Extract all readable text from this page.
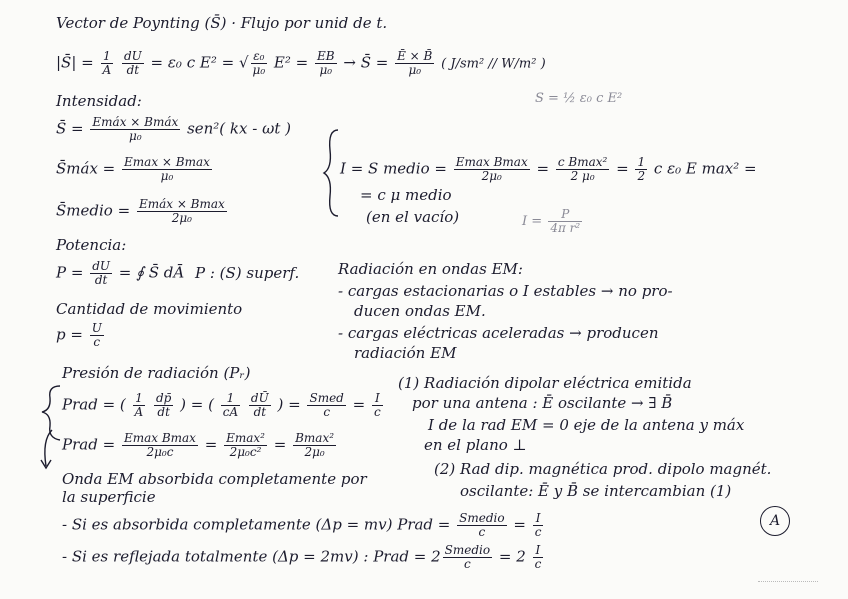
Vector de Poynting (S̄) · Flujo por unid de t.
|S̄| = $\frac{1}{A}$
$\frac{dU}{dt} = \varepsilon_0$ c E² = √ $\frac{\text{ε₀}}{\text{μ₀}} E^2 = \frac{EB}{\text{μ₀}}$ → S̄ = $\frac{Ē \times B̄}{\text{μ₀}}$ ( J/sm² // W/m² )
S = ½ ε₀ c E²
Intensidad:
S̄ = $\frac{\text{Emáx × Bmáx}}{\text{μ₀}} sen^2$( kx - ωt )
S̄máx = $\frac{Emax \times Bmax}{\text{μ₀}}$
S̄medio = $\frac{\text{Emáx × Bmax}}{\text{2μ₀}}$
I = S medio = $\frac{\text{Emax Bmax}}{\text{2μ₀}} = \frac{\text{c Bmax²}}{\text{2 μ₀}} = \frac{1}{2}$ c ε₀ E max² =
= c μ medio
(en el vacío)	$I = \frac{P}{\text{4π r²}}$
Potencia:
$P = \frac{dU}{dt}$ = ∮ S̄ dĀ P : (S) superf.
Cantidad de movimiento
$p = \frac{U}{c}$
Radiación en ondas EM:
- cargas estacionarias o I estables → no pro-
ducen ondas EM.
- cargas eléctricas aceleradas → producen
radiación EM
Presión de radiación (Pᵣ)
Prad = ( $\frac{1}{A}$
$\frac{dp̄}{dt}$ ) = ( $\frac{1}{cA}$
$\frac{dŪ}{dt}$ ) = $\frac{\text{Smed}}{c} = \frac{I}{c}$
Prad = $\frac{\text{Emax Bmax}}{\text{2μ₀c}} = \frac{\text{Emax²}}{\text{2μ₀c²}} = \frac{\text{Bmax²}}{\text{2μ₀}}$
(1) Radiación dipolar eléctrica emitida
por una antena : Ē oscilante → ∃ B̄
I de la rad EM = 0 eje de la antena y máx
en el plano ⊥
(2) Rad dip. magnética prod. dipolo magnét.
oscilante: Ē y B̄ se intercambian (1)
Onda EM absorbida completamente por
la superficie
- Si es absorbida completamente (Δp = mv) Prad = $\frac{\text{Smedio}}{c} = \frac{I}{c}$
- Si es reflejada totalmente (Δp = 2mv) : Prad = $2 \frac{\text{Smedio}}{c} = 2 \frac{I}{c}$
A
